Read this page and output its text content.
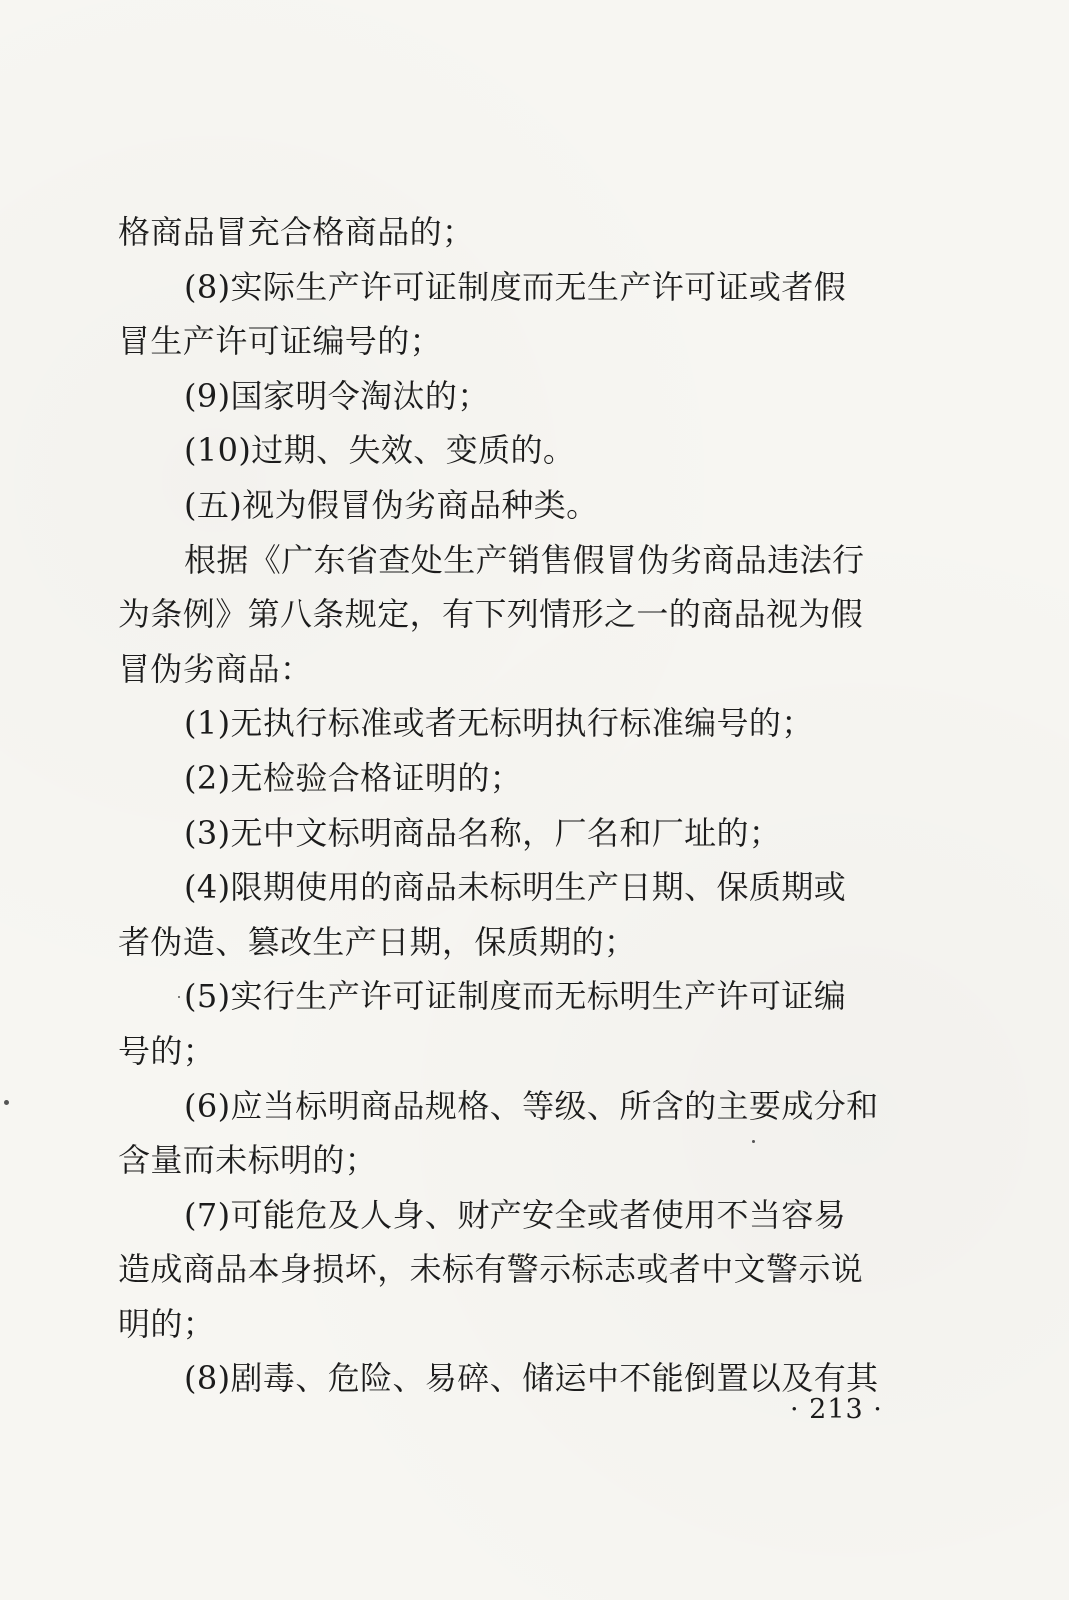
格商品冒充合格商品的；
(8)实际生产许可证制度而无生产许可证或者假
冒生产许可证编号的；
(9)国家明令淘汰的；
(10)过期、失效、变质的。
(五)视为假冒伪劣商品种类。
根据《广东省查处生产销售假冒伪劣商品违法行
为条例》第八条规定，有下列情形之一的商品视为假
冒伪劣商品：
(1)无执行标准或者无标明执行标准编号的；
(2)无检验合格证明的；
(3)无中文标明商品名称，厂名和厂址的；
(4)限期使用的商品未标明生产日期、保质期或
者伪造、篡改生产日期，保质期的；
(5)实行生产许可证制度而无标明生产许可证编
号的；
(6)应当标明商品规格、等级、所含的主要成分和
含量而未标明的；
(7)可能危及人身、财产安全或者使用不当容易
造成商品本身损坏，未标有警示标志或者中文警示说
明的；
(8)剧毒、危险、易碎、储运中不能倒置以及有其
· 213 ·
